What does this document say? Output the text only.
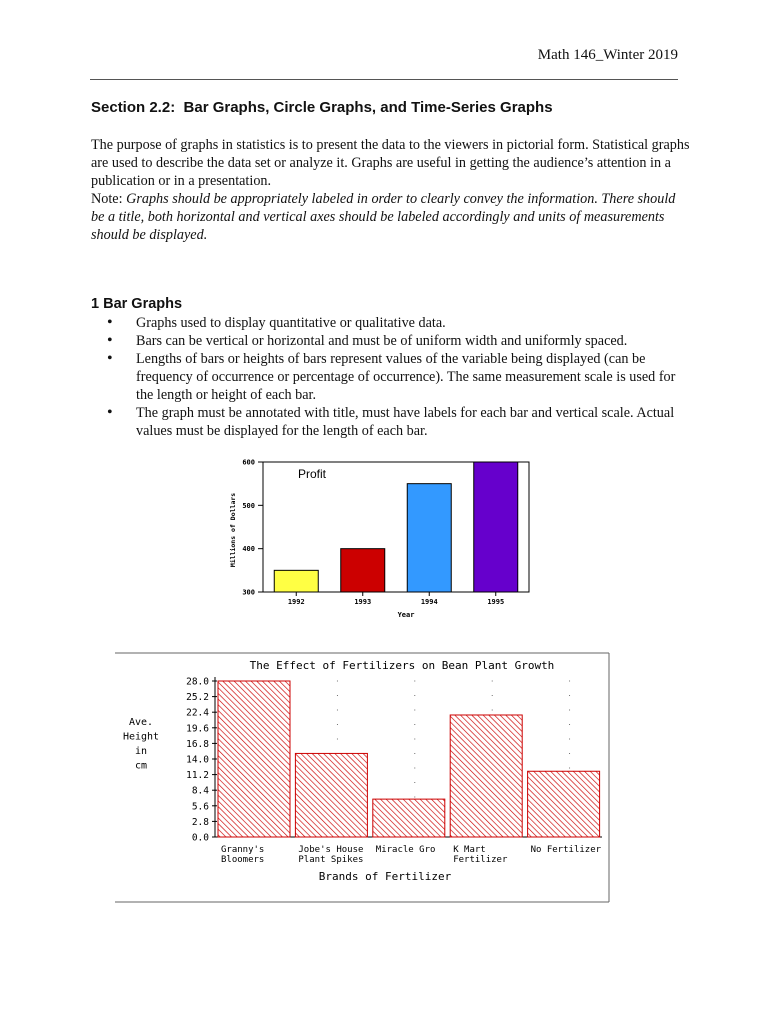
Math 146_Winter 2019
Section 2.2:  Bar Graphs, Circle Graphs, and Time-Series Graphs

The purpose of graphs in statistics is to present the data to the viewers in pictorial form. Statistical graphs are used to describe the data set or analyze it. Graphs are useful in getting the audience’s attention in a publication or in a presentation.

Note: Graphs should be appropriately labeled in order to clearly convey the information. There should be a title, both horizontal and vertical axes should be labeled accordingly and units of measurements should be displayed.

1 Bar Graphs
• Graphs used to display quantitative or qualitative data.
• Bars can be vertical or horizontal and must be of uniform width and uniformly spaced.
• Lengths of bars or heights of bars represent values of the variable being displayed (can be frequency of occurrence or percentage of occurrence). The same measurement scale is used for the length or height of each bar.
• The graph must be annotated with title, must have labels for each bar and vertical scale. Actual values must be displayed for the length of each bar.
300
400
500
600
1992	1993	1994	1995
Profit
Year
Millions of Dollars
The Effect of Fertilizers on Bean Plant Growth
0.0
2.8
5.6
8.4
11.2
14.0
16.8
19.6
22.4
25.2
28.0
Ave.
Height
in
cm
Granny's
Bloomers
Jobe's House
Plant Spikes
Miracle Gro K Mart
Fertilizer
No Fertilizer
Brands of Fertilizer
